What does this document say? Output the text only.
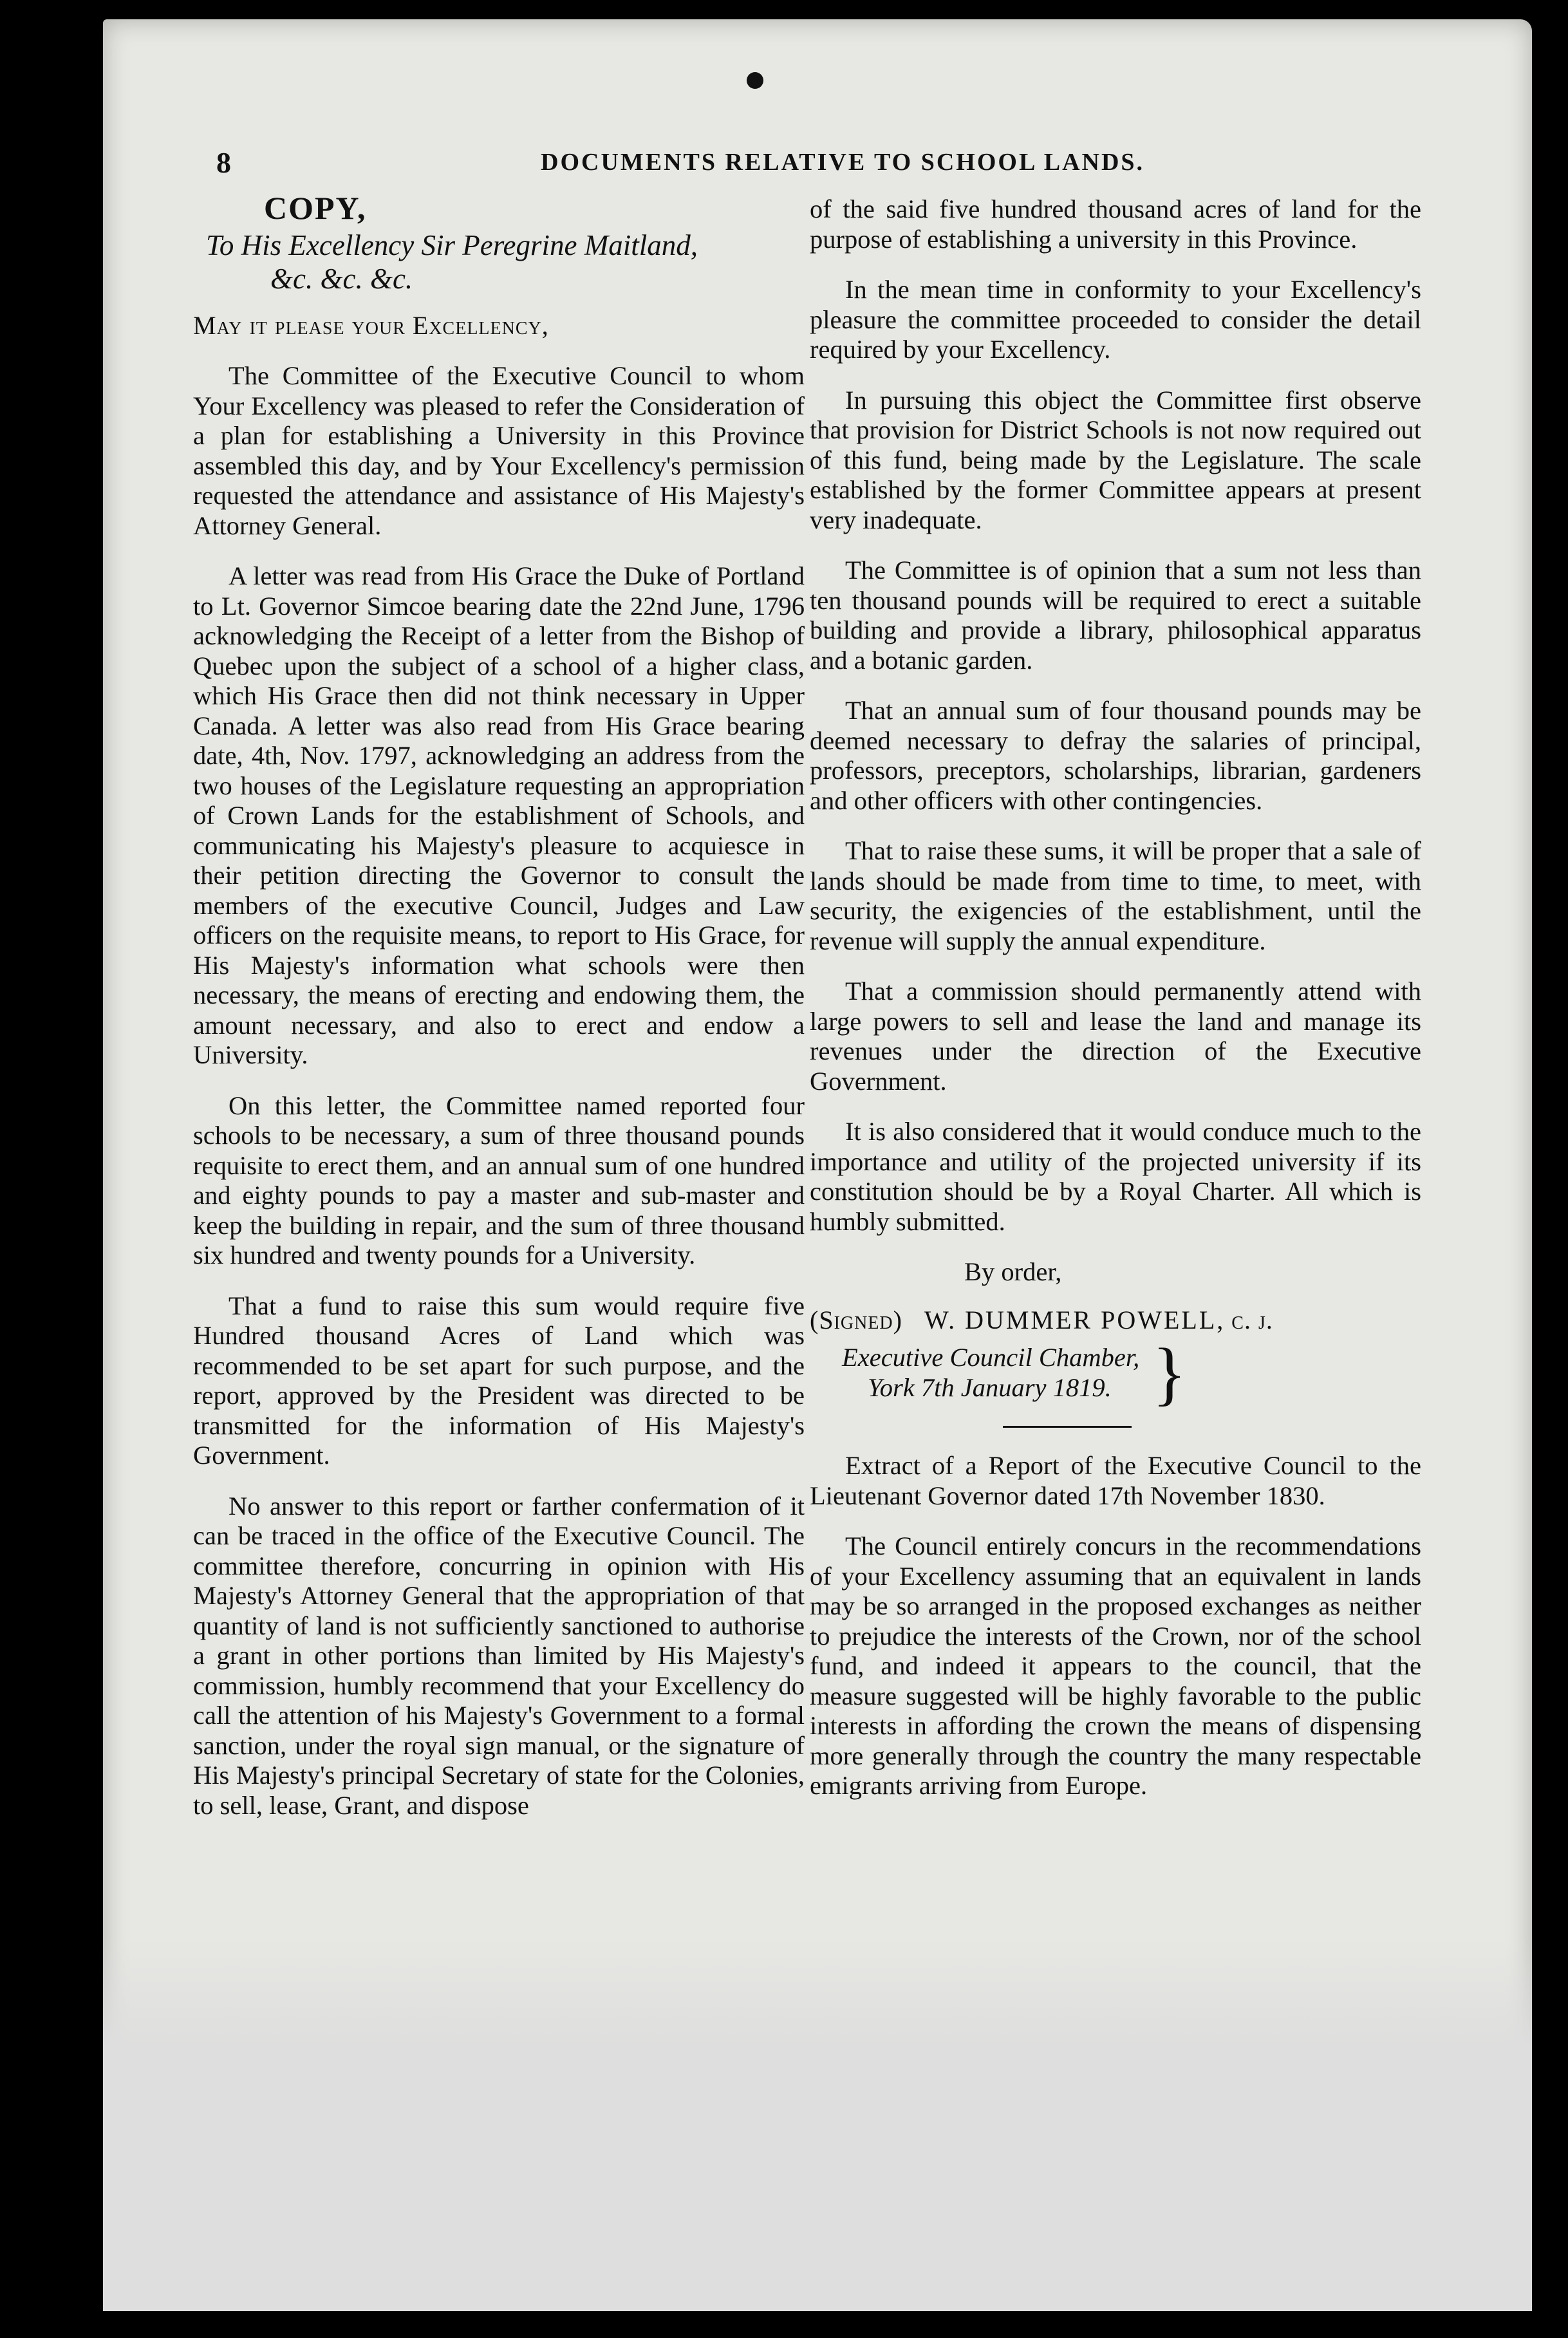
8	DOCUMENTS RELATIVE TO SCHOOL LANDS.
COPY,
To His Excellency Sir Peregrine Maitland,
&c. &c. &c.

May it please your Excellency,

The Committee of the Executive Council to whom Your Excellency was pleased to refer the Consideration of a plan for establishing a University in this Province assembled this day, and by Your Excellency's permission requested the attendance and assistance of His Majesty's Attorney General.

A letter was read from His Grace the Duke of Portland to Lt. Governor Simcoe bearing date the 22nd June, 1796 acknowledging the Receipt of a letter from the Bishop of Quebec upon the subject of a school of a higher class, which His Grace then did not think necessary in Upper Canada. A letter was also read from His Grace bearing date, 4th, Nov. 1797, acknowledging an address from the two houses of the Legislature requesting an appropriation of Crown Lands for the establishment of Schools, and communicating his Majesty's pleasure to acquiesce in their petition directing the Governor to consult the members of the executive Council, Judges and Law officers on the requisite means, to report to His Grace, for His Majesty's information what schools were then necessary, the means of erecting and endowing them, the amount necessary, and also to erect and endow a University.

On this letter, the Committee named reported four schools to be necessary, a sum of three thousand pounds requisite to erect them, and an annual sum of one hundred and eighty pounds to pay a master and sub-master and keep the building in repair, and the sum of three thousand six hundred and twenty pounds for a University.

That a fund to raise this sum would require five Hundred thousand Acres of Land which was recommended to be set apart for such purpose, and the report, approved by the President was directed to be transmitted for the information of His Majesty's Government.

No answer to this report or farther confermation of it can be traced in the office of the Executive Council. The committee therefore, concurring in opinion with His Majesty's Attorney General that the appropriation of that quantity of land is not sufficiently sanctioned to authorise a grant in other portions than limited by His Majesty's commission, humbly recommend that your Excellency do call the attention of his Majesty's Government to a formal sanction, under the royal sign manual, or the signature of His Majesty's principal Secretary of state for the Colonies, to sell, lease, Grant, and dispose

of the said five hundred thousand acres of land for the purpose of establishing a university in this Province.

In the mean time in conformity to your Excellency's pleasure the committee proceeded to consider the detail required by your Excellency.

In pursuing this object the Committee first observe that provision for District Schools is not now required out of this fund, being made by the Legislature. The scale established by the former Committee appears at present very inadequate.

The Committee is of opinion that a sum not less than ten thousand pounds will be required to erect a suitable building and provide a library, philosophical apparatus and a botanic garden.

That an annual sum of four thousand pounds may be deemed necessary to defray the salaries of principal, professors, preceptors, scholarships, librarian, gardeners and other officers with other contingencies.

That to raise these sums, it will be proper that a sale of lands should be made from time to time, to meet, with security, the exigencies of the establishment, until the revenue will supply the annual expenditure.

That a commission should permanently attend with large powers to sell and lease the land and manage its revenues under the direction of the Executive Government.

It is also considered that it would conduce much to the importance and utility of the projected university if its constitution should be by a Royal Charter. All which is humbly submitted.

By order,

(Signed) W. DUMMER POWELL, c. j.

Executive Council Chamber,
York 7th January 1819. }

Extract of a Report of the Executive Council to the Lieutenant Governor dated 17th November 1830.

The Council entirely concurs in the recommendations of your Excellency assuming that an equivalent in lands may be so arranged in the proposed exchanges as neither to prejudice the interests of the Crown, nor of the school fund, and indeed it appears to the council, that the measure suggested will be highly favorable to the public interests in affording the crown the means of dispensing more generally through the country the many respectable emigrants arriving from Europe.
